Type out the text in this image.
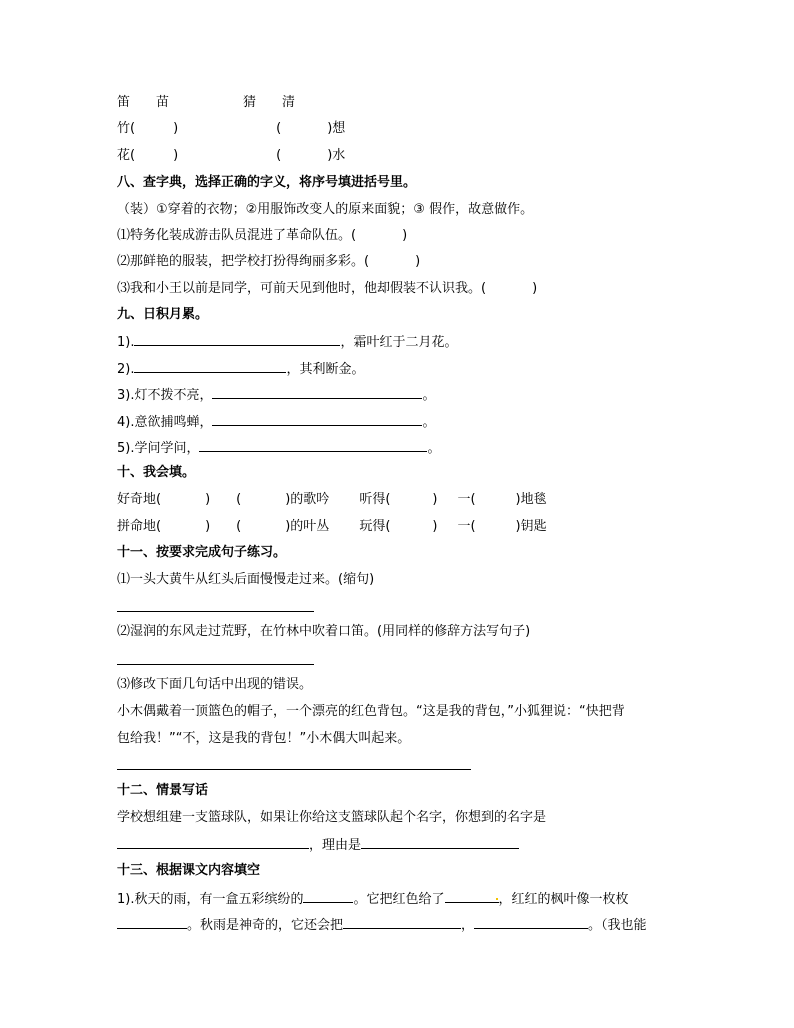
笛 苗	猜 清
竹(	)	(	)想
花(	)	(	)水
八、查字典，选择正确的字义，将序号填进括号里。
（装）①穿着的衣物；②用服饰改变人的原来面貌；③ 假作，故意做作。
⑴特务化装成游击队员混进了革命队伍。(	)
⑵那鲜艳的服装，把学校打扮得绚丽多彩。(	)
⑶我和小王以前是同学，可前天见到他时，他却假装不认识我。(	)
九、日积月累。
1).	，霜叶红于二月花。
2).	，其利断金。
3).灯不拨不亮，	。
4).意欲捕鸣蝉，	。
5).学问学问，	。
十、我会填。
好奇地(	) (	)的歌吟 听得(	) 一(	)地毯
拼命地(	) (	)的叶丛 玩得(	) 一(	)钥匙
十一、按要求完成句子练习。
⑴一头大黄牛从红头后面慢慢走过来。(缩句)
⑵湿润的东风走过荒野，在竹林中吹着口笛。(用同样的修辞方法写句子)
⑶修改下面几句话中出现的错误。
小木偶戴着一顶篮色的帽子，一个漂亮的红色背包。“这是我的背包，”小狐狸说：“快把背
包给我！”“不，这是我的背包！”小木偶大叫起来。
十二、情景写话
学校想组建一支篮球队，如果让你给这支篮球队起个名字，你想到的名字是
，理由是
十三、根据课文内容填空
1).秋天的雨，有一盒五彩缤纷的	。它把红色给了	，红红的枫叶像一枚枚
。秋雨是神奇的，它还会把	，	。（我也能
